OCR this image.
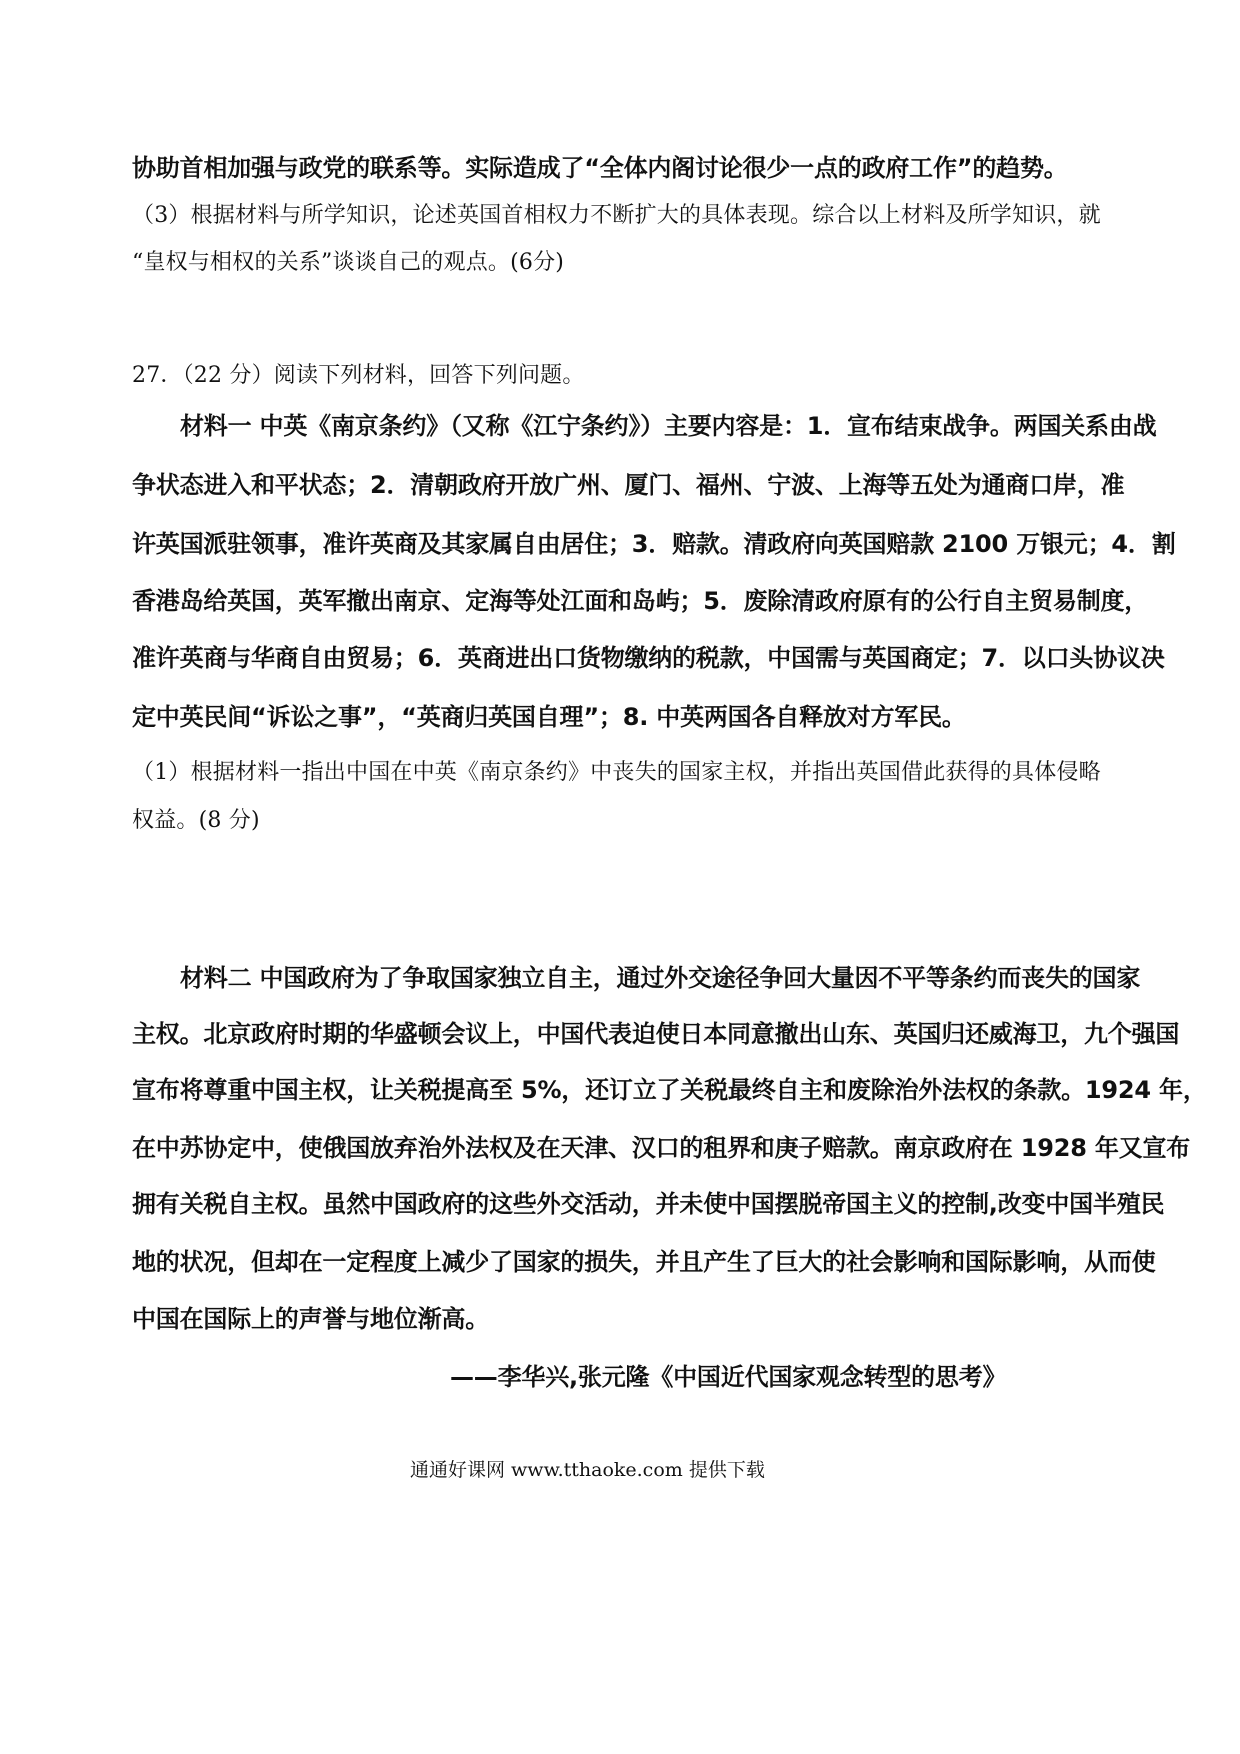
协助首相加强与政党的联系等。实际造成了“全体内阁讨论很少一点的政府工作”的趋势。

（3）根据材料与所学知识，论述英国首相权力不断扩大的具体表现。综合以上材料及所学知识，就

“皇权与相权的关系”谈谈自己的观点。(6分)

27．（22 分）阅读下列材料，回答下列问题。

材料一 中英《南京条约》（又称《江宁条约》）主要内容是：1．宣布结束战争。两国关系由战

争状态进入和平状态；2．清朝政府开放广州、厦门、福州、宁波、上海等五处为通商口岸，准

许英国派驻领事，准许英商及其家属自由居住；3．赔款。清政府向英国赔款 2100 万银元；4．割

香港岛给英国，英军撤出南京、定海等处江面和岛屿；5．废除清政府原有的公行自主贸易制度，

准许英商与华商自由贸易；6．英商进出口货物缴纳的税款，中国需与英国商定；7．以口头协议决

定中英民间“诉讼之事”，“英商归英国自理”；8. 中英两国各自释放对方军民。

（1）根据材料一指出中国在中英《南京条约》中丧失的国家主权，并指出英国借此获得的具体侵略

权益。(8 分)

材料二 中国政府为了争取国家独立自主，通过外交途径争回大量因不平等条约而丧失的国家

主权。北京政府时期的华盛顿会议上，中国代表迫使日本同意撤出山东、英国归还威海卫，九个强国

宣布将尊重中国主权，让关税提高至 5%，还订立了关税最终自主和废除治外法权的条款。1924 年，

在中苏协定中，使俄国放弃治外法权及在天津、汉口的租界和庚子赔款。南京政府在 1928 年又宣布

拥有关税自主权。虽然中国政府的这些外交活动，并未使中国摆脱帝国主义的控制,改变中国半殖民

地的状况，但却在一定程度上减少了国家的损失，并且产生了巨大的社会影响和国际影响，从而使

中国在国际上的声誉与地位渐高。

——李华兴,张元隆《中国近代国家观念转型的思考》

通通好课网 www.tthaoke.com 提供下载
